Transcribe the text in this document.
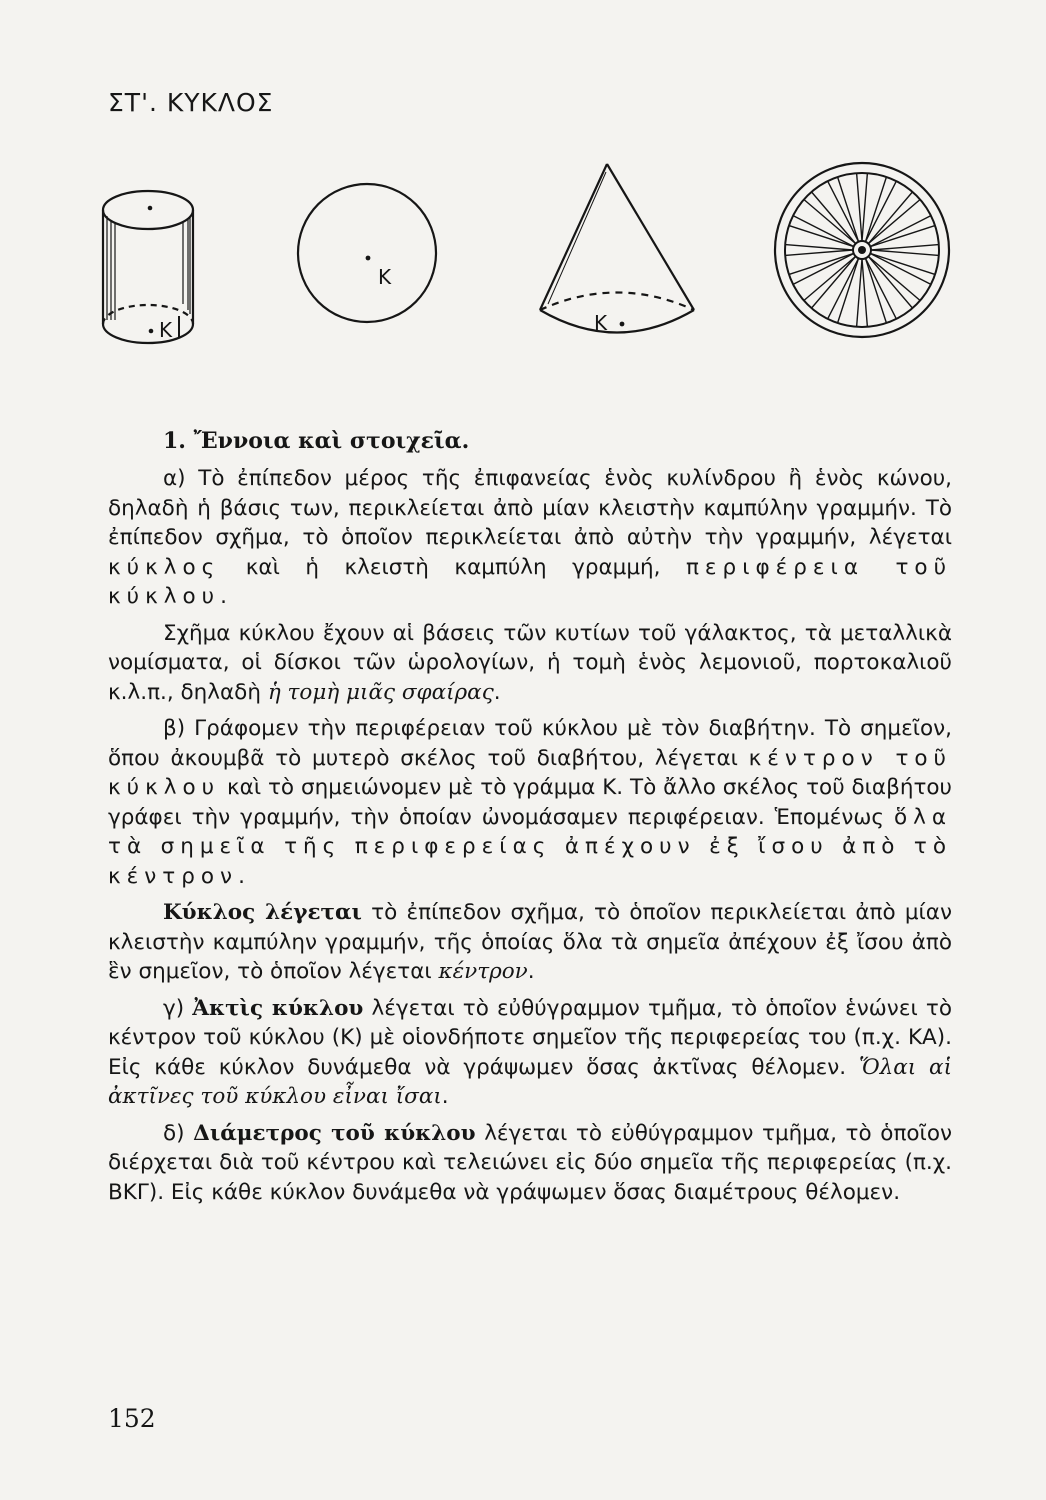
ΣΤ'. ΚΥΚΛΟΣ
Κ
Κ
Κ
1. Ἔννοια καὶ στοιχεῖα.

α) Τὸ ἐπίπεδον μέρος τῆς ἐπιφανείας ἑνὸς κυλίνδρου ἢ ἑνὸς κώνου, δηλαδὴ ἡ βάσις των, περικλείεται ἀπὸ μίαν κλειστὴν καμπύλην γραμμήν. Τὸ ἐπίπεδον σχῆμα, τὸ ὁποῖον περικλείεται ἀπὸ αὐτὴν τὴν γραμμήν, λέγεται κύκλος καὶ ἡ κλειστὴ καμπύλη γραμμή, περιφέρεια τοῦ κύκλου.

Σχῆμα κύκλου ἔχουν αἱ βάσεις τῶν κυτίων τοῦ γάλακτος, τὰ μεταλλικὰ νομίσματα, οἱ δίσκοι τῶν ὡρολογίων, ἡ τομὴ ἑνὸς λεμονιοῦ, πορτοκαλιοῦ κ.λ.π., δηλαδὴ ἡ τομὴ μιᾶς σφαίρας.

β) Γράφομεν τὴν περιφέρειαν τοῦ κύκλου μὲ τὸν διαβήτην. Τὸ σημεῖον, ὅπου ἀκουμβᾶ τὸ μυτερὸ σκέλος τοῦ διαβήτου, λέγεται κέντρον τοῦ κύκλου καὶ τὸ σημειώνομεν μὲ τὸ γράμμα Κ. Τὸ ἄλλο σκέλος τοῦ διαβήτου γράφει τὴν γραμμήν, τὴν ὁποίαν ὠνομάσαμεν περιφέρειαν. Ἑπομένως ὅλα τὰ σημεῖα τῆς περιφερείας ἀπέχουν ἐξ ἴσου ἀπὸ τὸ κέντρον.

Κύκλος λέγεται τὸ ἐπίπεδον σχῆμα, τὸ ὁποῖον περικλείεται ἀπὸ μίαν κλειστὴν καμπύλην γραμμήν, τῆς ὁποίας ὅλα τὰ σημεῖα ἀπέχουν ἐξ ἴσου ἀπὸ ἓν σημεῖον, τὸ ὁποῖον λέγεται κέντρον.

γ) Ἀκτὶς κύκλου λέγεται τὸ εὐθύγραμμον τμῆμα, τὸ ὁποῖον ἑνώνει τὸ κέντρον τοῦ κύκλου (Κ) μὲ οἱονδήποτε σημεῖον τῆς περιφερείας του (π.χ. ΚΑ). Εἰς κάθε κύκλον δυνάμεθα νὰ γράψωμεν ὅσας ἀκτῖνας θέλομεν. Ὅλαι αἱ ἀκτῖνες τοῦ κύκλου εἶναι ἴσαι.

δ) Διάμετρος τοῦ κύκλου λέγεται τὸ εὐθύγραμμον τμῆμα, τὸ ὁποῖον διέρχεται διὰ τοῦ κέντρου καὶ τελειώνει εἰς δύο σημεῖα τῆς περιφερείας (π.χ. ΒΚΓ). Εἰς κάθε κύκλον δυνάμεθα νὰ γράψωμεν ὅσας διαμέτρους θέλομεν.

152
